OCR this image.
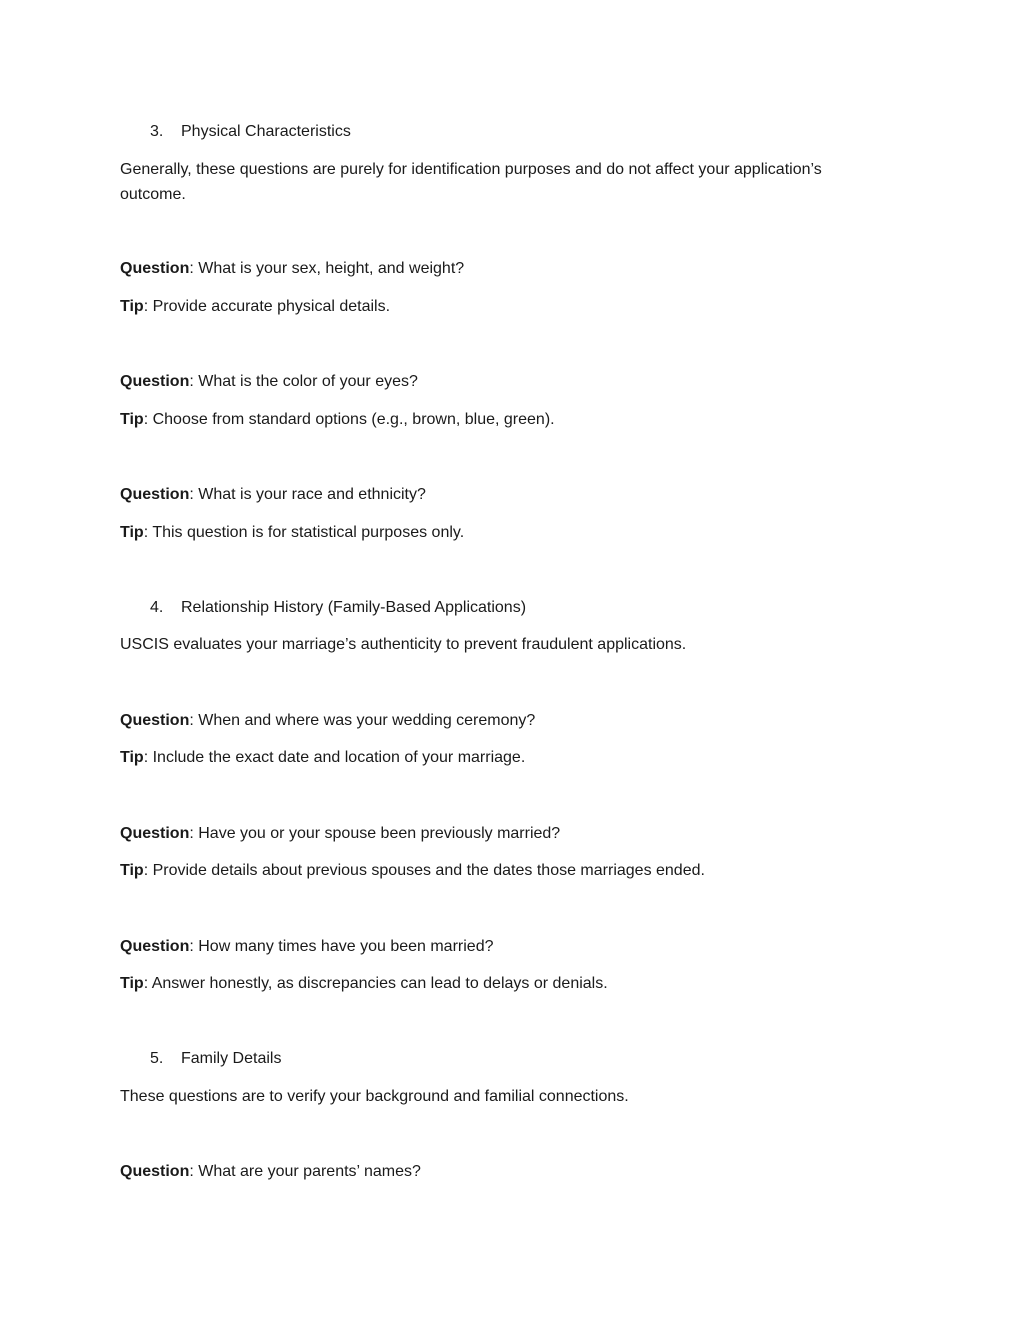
3. Physical Characteristics
Generally, these questions are purely for identification purposes and do not affect your application’s outcome.
Question: What is your sex, height, and weight?
Tip: Provide accurate physical details.
Question: What is the color of your eyes?
Tip: Choose from standard options (e.g., brown, blue, green).
Question: What is your race and ethnicity?
Tip: This question is for statistical purposes only.
4. Relationship History (Family-Based Applications)
USCIS evaluates your marriage’s authenticity to prevent fraudulent applications.
Question: When and where was your wedding ceremony?
Tip: Include the exact date and location of your marriage.
Question: Have you or your spouse been previously married?
Tip: Provide details about previous spouses and the dates those marriages ended.
Question: How many times have you been married?
Tip: Answer honestly, as discrepancies can lead to delays or denials.
5. Family Details
These questions are to verify your background and familial connections.
Question: What are your parents’ names?
